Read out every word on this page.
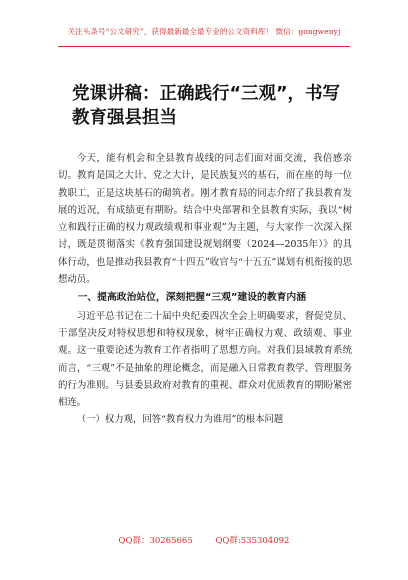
关注头条号“公文研究”，获得最新最全最专业的公文资料库！ 微信：gongwenyj
党课讲稿：正确践行“三观”，书写教育强县担当

今天，能有机会和全县教育战线的同志们面对面交流，我倍感亲切。教育是国之大计、党之大计，是民族复兴的基石，而在座的每一位教职工，正是这块基石的砌筑者。刚才教育局的同志介绍了我县教育发展的近况，有成绩更有期盼。结合中央部署和全县教育实际，我以“树立和践行正确的权力观政绩观和事业观”为主题，与大家作一次深入探讨，既是贯彻落实《教育强国建设规划纲要（2024—2035年）》的具体行动，也是推动我县教育“十四五”收官与“十五五”谋划有机衔接的思想动员。

一、提高政治站位，深刻把握“三观”建设的教育内涵

习近平总书记在二十届中央纪委四次全会上明确要求，督促党员、干部坚决反对特权思想和特权现象，树牢正确权力观、政绩观、事业观。这一重要论述为教育工作者指明了思想方向。对我们县域教育系统而言，“三观”不是抽象的理论概念，而是融入日常教育教学、管理服务的行为准则。与县委县政府对教育的重视、群众对优质教育的期盼紧密相连。

（一）权力观，回答“教育权力为谁用”的根本问题

QQ群：30265665	QQ群:535304092
